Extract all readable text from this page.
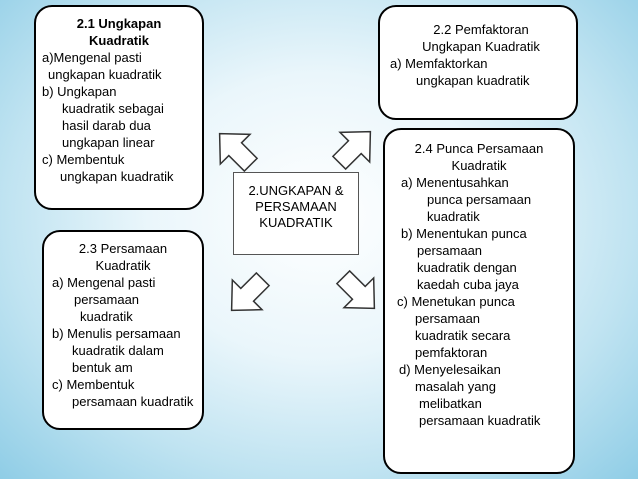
2.UNGKAPAN &
PERSAMAAN
KUADRATIK
2.1 Ungkapan
Kuadratik
a)Mengenal pasti
ungkapan kuadratik
b) Ungkapan
kuadratik sebagai
hasil darab dua
ungkapan linear
c) Membentuk
ungkapan kuadratik
2.2 Pemfaktoran
Ungkapan Kuadratik
a) Memfaktorkan
ungkapan kuadratik
2.3 Persamaan
Kuadratik
a) Mengenal pasti
persamaan
kuadratik
b) Menulis persamaan
kuadratik dalam
bentuk am
c) Membentuk
persamaan kuadratik
2.4 Punca Persamaan
Kuadratik
a) Menentusahkan
punca persamaan
kuadratik
b) Menentukan punca
persamaan
kuadratik dengan
kaedah cuba jaya
c) Menetukan punca
persamaan
kuadratik secara
pemfaktoran
d) Menyelesaikan
masalah yang
melibatkan
persamaan kuadratik
